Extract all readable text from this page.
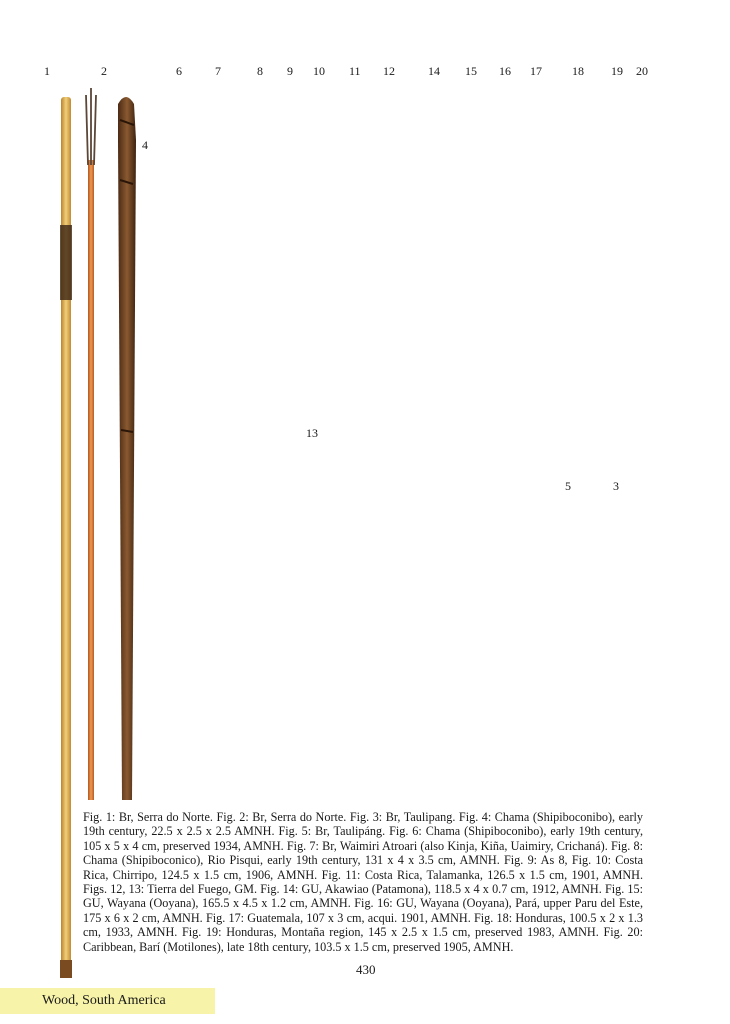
1	2	6	7	8 9 10 11 12	14 15 16 17	18 19 20
4
13
5	3
Fig. 1: Br, Serra do Norte. Fig. 2: Br, Serra do Norte. Fig. 3: Br, Taulipang. Fig. 4: Chama (Shipiboconibo), early 19th century, 22.5 x 2.5 x 2.5 AMNH. Fig. 5: Br, Taulipáng. Fig. 6: Chama (Shipiboconibo), early 19th century, 105 x 5 x 4 cm, preserved 1934, AMNH. Fig. 7: Br, Waimiri Atroari (also Kinja, Kiña, Uaimiry, Crichaná). Fig. 8: Chama (Shipiboconico), Rio Pisqui, early 19th century, 131 x 4 x 3.5 cm, AMNH. Fig. 9: As 8, Fig. 10: Costa Rica, Chirripo, 124.5 x 1.5 cm, 1906, AMNH. Fig. 11: Costa Rica, Talamanka, 126.5 x 1.5 cm, 1901, AMNH. Figs. 12, 13: Tierra del Fuego, GM. Fig. 14: GU, Akawiao (Patamona), 118.5 x 4 x 0.7 cm, 1912, AMNH. Fig. 15: GU, Wayana (Ooyana), 165.5 x 4.5 x 1.2 cm, AMNH. Fig. 16: GU, Wayana (Ooyana), Pará, upper Paru del Este, 175 x 6 x 2 cm, AMNH. Fig. 17: Guatemala, 107 x 3 cm, acqui. 1901, AMNH. Fig. 18: Honduras, 100.5 x 2 x 1.3 cm, 1933, AMNH. Fig. 19: Honduras, Montaña region, 145 x 2.5 x 1.5 cm, preserved 1983, AMNH. Fig. 20: Caribbean, Barí (Motilones), late 18th century, 103.5 x 1.5 cm, preserved 1905, AMNH.
430
Wood, South America
